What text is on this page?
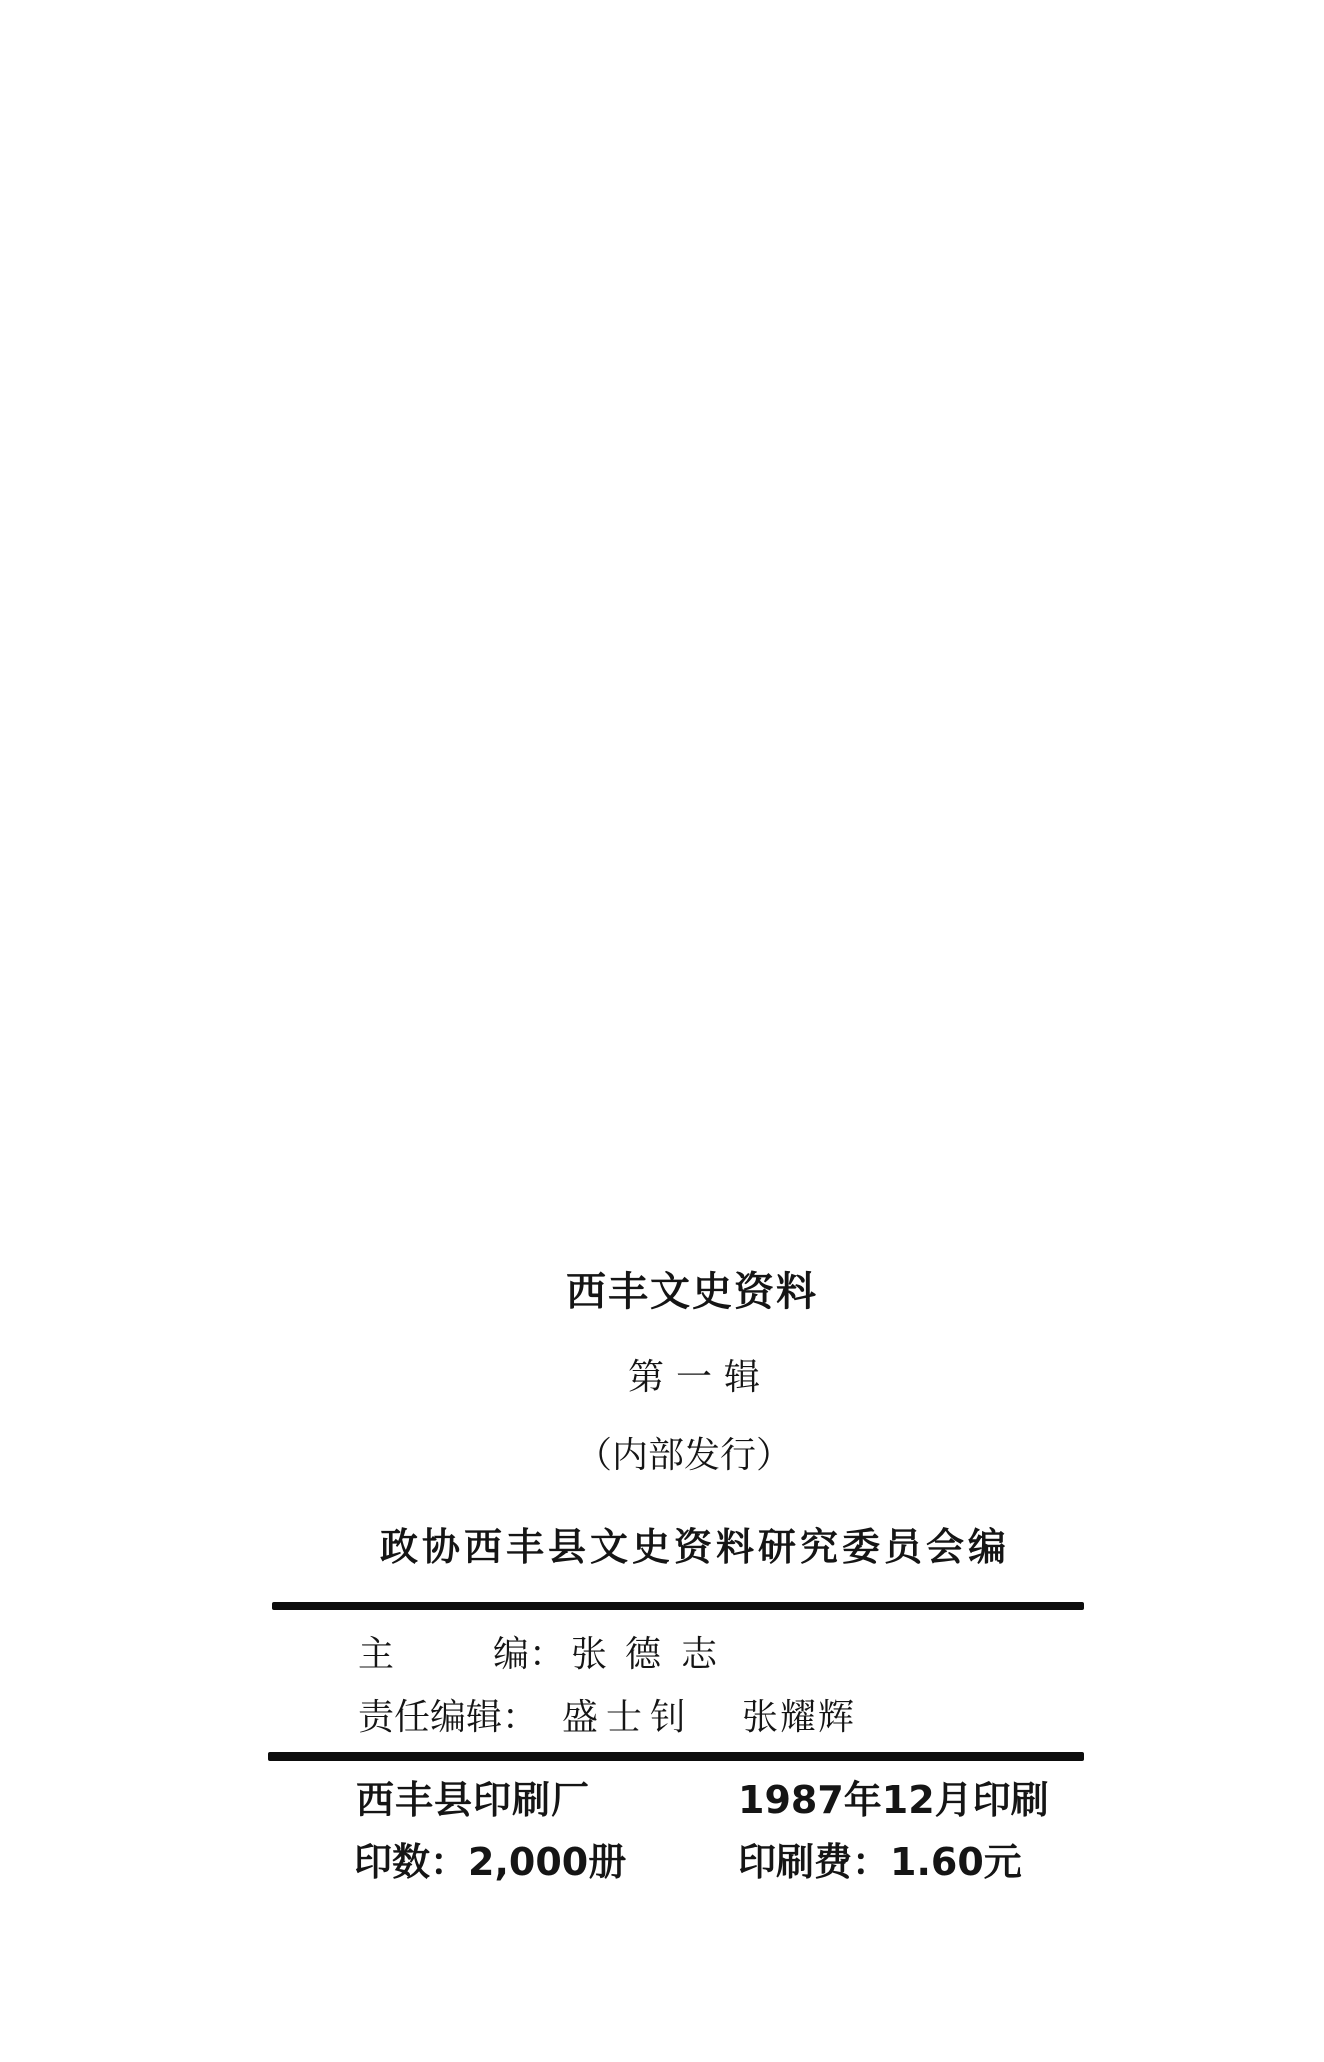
西丰文史资料
第一辑
（内部发行）
政协西丰县文史资料研究委员会编
主	编： 张 德 志
责任编辑： 盛士钊 张耀辉
西丰县印刷厂	1987年12月印刷
印数：2,000册	印刷费：1.60元
